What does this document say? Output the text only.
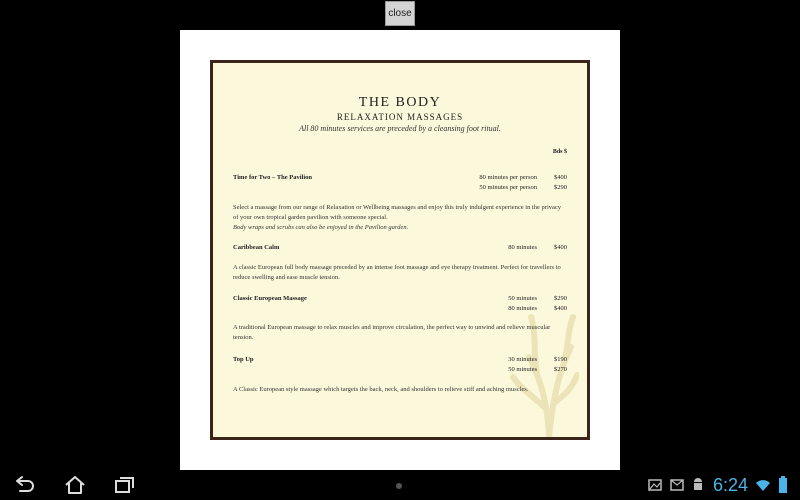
close
THE BODY
RELAXATION MASSAGES
All 80 minutes services are preceded by a cleansing foot ritual.
Bds $
Time for Two – The Pavilion	80 minutes per person	$400
50 minutes per person	$290
Select a massage from our range of Relaxation or Wellbeing massages and enjoy this truly indulgent experience in the privacy of your own tropical garden pavilion with someone special.
Body wraps and scrubs can also be enjoyed in the Pavilion garden.
Caribbean Calm	80 minutes	$400
A classic European full body massage preceded by an intense foot massage and eye therapy treatment. Perfect for travellers to reduce swelling and ease muscle tension.
Classic European Massage	50 minutes	$290
80 minutes	$400
A traditional European massage to relax muscles and improve circulation, the perfect way to unwind and relieve muscular tension.
Top Up	30 minutes	$190
50 minutes	$270
A Classic European style massage which targets the back, neck, and shoulders to relieve stiff and aching muscles.
6:24
